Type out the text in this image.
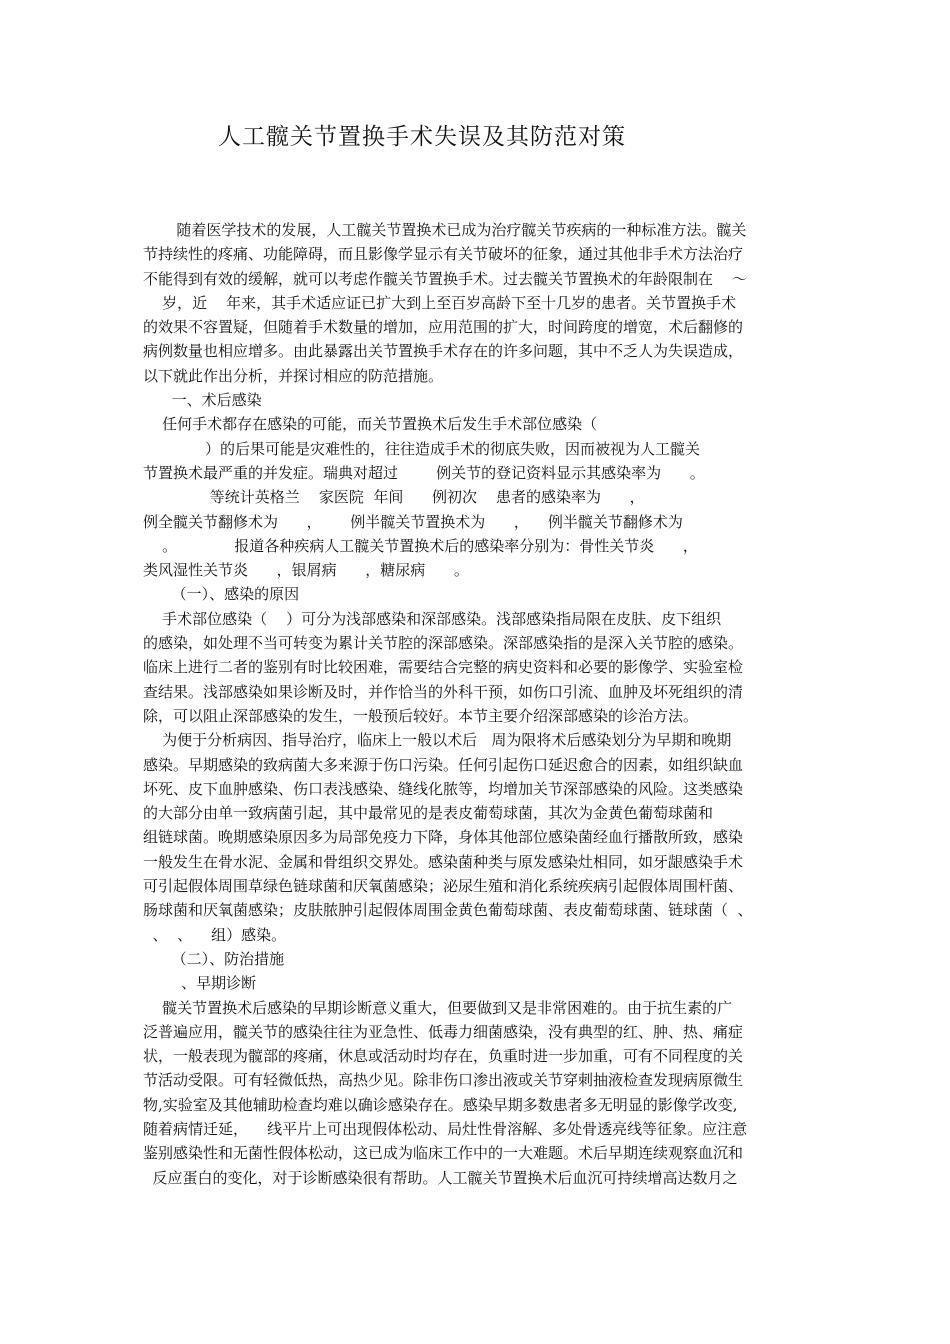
人工髋关节置换手术失误及其防范对策
随着医学技术的发展，人工髋关节置换术已成为治疗髋关节疾病的一种标准方法。髋关
节持续性的疼痛、功能障碍，而且影像学显示有关节破坏的征象，通过其他非手术方法治疗
不能得到有效的缓解，就可以考虑作髋关节置换手术。过去髋关节置换术的年龄限制在    ～
岁，近    年来，其手术适应证已扩大到上至百岁高龄下至十几岁的患者。关节置换手术
的效果不容置疑，但随着手术数量的增加，应用范围的扩大，时间跨度的增宽，术后翻修的
病例数量也相应增多。由此暴露出关节置换手术存在的许多问题，其中不乏人为失误造成，
以下就此作出分析，并探讨相应的防范措施。
一、术后感染
任何手术都存在感染的可能，而关节置换术后发生手术部位感染（
）的后果可能是灾难性的，往往造成手术的彻底失败，因而被视为人工髋关
节置换术最严重的并发症。瑞典对超过        例关节的登记资料显示其感染率为      。
等统计英格兰    家医院  年间      例初次    患者的感染率为      ，
例全髋关节翻修术为      ，      例半髋关节置换术为      ，    例半髋关节翻修术为
。            报道各种疾病人工髋关节置换术后的感染率分别为：骨性关节炎      ，
类风湿性关节炎      ，银屑病      ，糖尿病      。
（一）、感染的原因
手术部位感染（    ）可分为浅部感染和深部感染。浅部感染指局限在皮肤、皮下组织
的感染，如处理不当可转变为累计关节腔的深部感染。深部感染指的是深入关节腔的感染。
临床上进行二者的鉴别有时比较困难，需要结合完整的病史资料和必要的影像学、实验室检
查结果。浅部感染如果诊断及时，并作恰当的外科干预，如伤口引流、血肿及坏死组织的清
除，可以阻止深部感染的发生，一般预后较好。本节主要介绍深部感染的诊治方法。
为便于分析病因、指导治疗，临床上一般以术后   周为限将术后感染划分为早期和晚期
感染。早期感染的致病菌大多来源于伤口污染。任何引起伤口延迟愈合的因素，如组织缺血
坏死、皮下血肿感染、伤口表浅感染、缝线化脓等，均增加关节深部感染的风险。这类感染
的大部分由单一致病菌引起，其中最常见的是表皮葡萄球菌，其次为金黄色葡萄球菌和
组链球菌。晚期感染原因多为局部免疫力下降，身体其他部位感染菌经血行播散所致，感染
一般发生在骨水泥、金属和骨组织交界处。感染菌种类与原发感染灶相同，如牙龈感染手术
可引起假体周围草绿色链球菌和厌氧菌感染；泌尿生殖和消化系统疾病引起假体周围杆菌、
肠球菌和厌氧菌感染；皮肤脓肿引起假体周围金黄色葡萄球菌、表皮葡萄球菌、链球菌（  、
、  、    组）感染。
（二）、防治措施
、早期诊断
髋关节置换术后感染的早期诊断意义重大，但要做到又是非常困难的。由于抗生素的广
泛普遍应用，髋关节的感染往往为亚急性、低毒力细菌感染，没有典型的红、肿、热、痛症
状，一般表现为髋部的疼痛，休息或活动时均存在，负重时进一步加重，可有不同程度的关
节活动受限。可有轻微低热，高热少见。除非伤口渗出液或关节穿刺抽液检查发现病原微生
物,实验室及其他辅助检查均难以确诊感染存在。感染早期多数患者多无明显的影像学改变,
随着病情迁延，    线平片上可出现假体松动、局灶性骨溶解、多处骨透亮线等征象。应注意
鉴别感染性和无菌性假体松动，这已成为临床工作中的一大难题。术后早期连续观察血沉和
反应蛋白的变化，对于诊断感染很有帮助。人工髋关节置换术后血沉可持续增高达数月之
